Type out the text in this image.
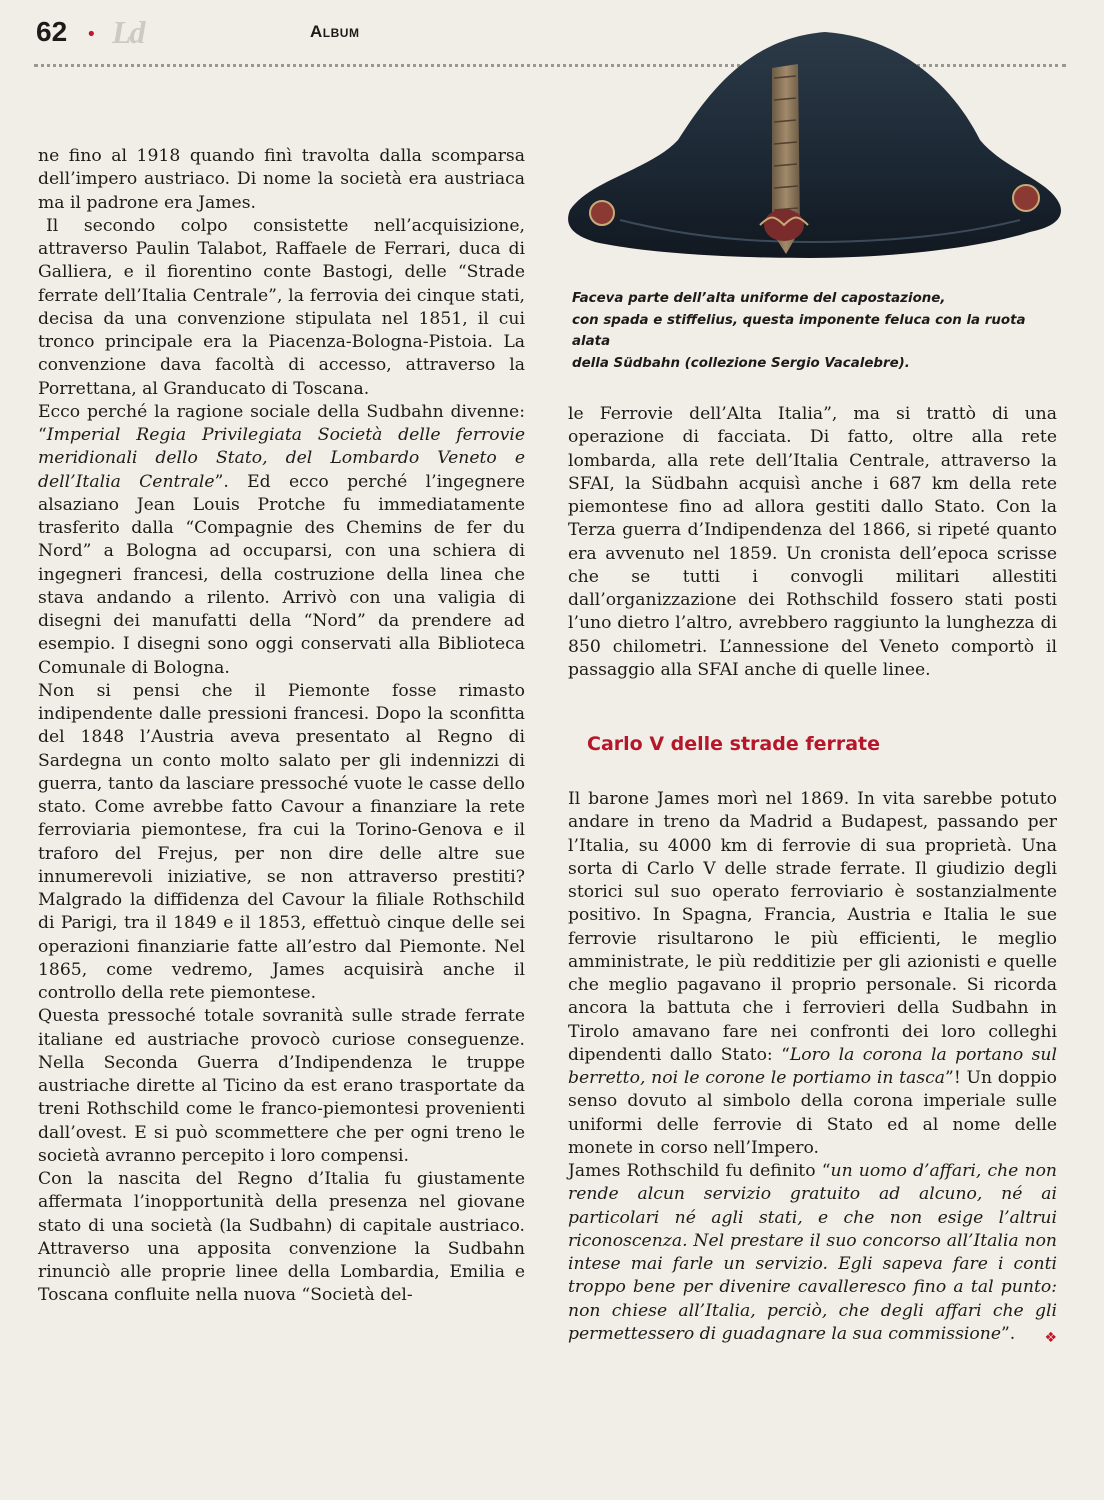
62 • Ld	Album
Faceva parte dell’alta uniforme del capostazione,
con spada e stiffelius, questa imponente feluca con la ruota alata
della Südbahn (collezione Sergio Vacalebre).

ne fino al 1918 quando finì travolta dalla scomparsa dell’impero austriaco. Di nome la società era austriaca ma il padrone era James.

Il secondo colpo consistette nell’acquisizione, attraverso Paulin Talabot, Raffaele de Ferrari, duca di Galliera, e il fiorentino conte Bastogi, delle “Strade ferrate dell’Italia Centrale”, la ferrovia dei cinque stati, decisa da una convenzione stipulata nel 1851, il cui tronco principale era la Piacenza-Bologna-Pistoia. La convenzione dava facoltà di accesso, attraverso la Porrettana, al Granducato di Toscana.

Ecco perché la ragione sociale della Sudbahn divenne: “Imperial Regia Privilegiata Società delle ferrovie meridionali dello Stato, del Lombardo Veneto e dell’Italia Centrale”. Ed ecco perché l’ingegnere alsaziano Jean Louis Protche fu immediatamente trasferito dalla “Compagnie des Chemins de fer du Nord” a Bologna ad occuparsi, con una schiera di ingegneri francesi, della costruzione della linea che stava andando a rilento. Arrivò con una valigia di disegni dei manufatti della “Nord” da prendere ad esempio. I disegni sono oggi conservati alla Biblioteca Comunale di Bologna.

Non si pensi che il Piemonte fosse rimasto indipendente dalle pressioni francesi. Dopo la sconfitta del 1848 l’Austria aveva presentato al Regno di Sardegna un conto molto salato per gli indennizzi di guerra, tanto da lasciare pressoché vuote le casse dello stato. Come avrebbe fatto Cavour a finanziare la rete ferroviaria piemontese, fra cui la Torino-Genova e il traforo del Frejus, per non dire delle altre sue innumerevoli iniziative, se non attraverso prestiti? Malgrado la diffidenza del Cavour la filiale Rothschild di Parigi, tra il 1849 e il 1853, effettuò cinque delle sei operazioni finanziarie fatte all’estro dal Piemonte. Nel 1865, come vedremo, James acquisirà anche il controllo della rete piemontese.

Questa pressoché totale sovranità sulle strade ferrate italiane ed austriache provocò curiose conseguenze. Nella Seconda Guerra d’Indipendenza le truppe austriache dirette al Ticino da est erano trasportate da treni Rothschild come le franco-piemontesi provenienti dall’ovest. E si può scommettere che per ogni treno le società avranno percepito i loro compensi.

Con la nascita del Regno d’Italia fu giustamente affermata l’inopportunità della presenza nel giovane stato di una società (la Sudbahn) di capitale austriaco. Attraverso una apposita convenzione la Sudbahn rinunciò alle proprie linee della Lombardia, Emilia e Toscana confluite nella nuova “Società del-

le Ferrovie dell’Alta Italia”, ma si trattò di una operazione di facciata. Di fatto, oltre alla rete lombarda, alla rete dell’Italia Centrale, attraverso la SFAI, la Südbahn acquisì anche i 687 km della rete piemontese fino ad allora gestiti dallo Stato. Con la Terza guerra d’Indipendenza del 1866, si ripeté quanto era avvenuto nel 1859. Un cronista dell’epoca scrisse che se tutti i convogli militari allestiti dall’organizzazione dei Rothschild fossero stati posti l’uno dietro l’altro, avrebbero raggiunto la lunghezza di 850 chilometri. L’annessione del Veneto comportò il passaggio alla SFAI anche di quelle linee.

Carlo V delle strade ferrate

Il barone James morì nel 1869. In vita sarebbe potuto andare in treno da Madrid a Budapest, passando per l’Italia, su 4000 km di ferrovie di sua proprietà. Una sorta di Carlo V delle strade ferrate. Il giudizio degli storici sul suo operato ferroviario è sostanzialmente positivo. In Spagna, Francia, Austria e Italia le sue ferrovie risultarono le più efficienti, le meglio amministrate, le più redditizie per gli azionisti e quelle che meglio pagavano il proprio personale. Si ricorda ancora la battuta che i ferrovieri della Sudbahn in Tirolo amavano fare nei confronti dei loro colleghi dipendenti dallo Stato: “Loro la corona la portano sul berretto, noi le corone le portiamo in tasca”! Un doppio senso dovuto al simbolo della corona imperiale sulle uniformi delle ferrovie di Stato ed al nome delle monete in corso nell’Impero.

James Rothschild fu definito “un uomo d’affari, che non rende alcun servizio gratuito ad alcuno, né ai particolari né agli stati, e che non esige l’altrui riconoscenza. Nel prestare il suo concorso all’Italia non intese mai farle un servizio. Egli sapeva fare i conti troppo bene per divenire cavalleresco fino a tal punto: non chiese all’Italia, perciò, che degli affari che gli permettessero di guadagnare la sua commissione”. ❖
